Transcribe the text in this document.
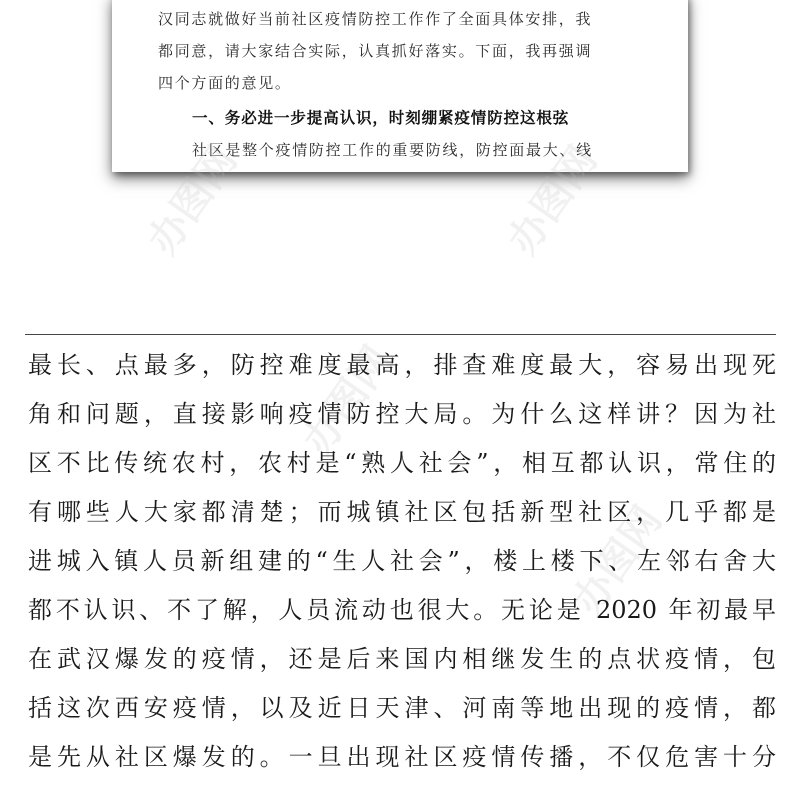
汉同志就做好当前社区疫情防控工作作了全面具体安排，我
都同意，请大家结合实际，认真抓好落实。下面，我再强调
四个方面的意见。
一、务必进一步提高认识，时刻绷紧疫情防控这根弦
社区是整个疫情防控工作的重要防线，防控面最大、线
办图网	办图网
办图网
办图网
最长、点最多，防控难度最高，排查难度最大，容易出现死
角和问题，直接影响疫情防控大局。为什么这样讲？因为社
区不比传统农村，农村是“熟人社会”，相互都认识，常住的
有哪些人大家都清楚；而城镇社区包括新型社区，几乎都是
进城入镇人员新组建的“生人社会”，楼上楼下、左邻右舍大
都不认识、不了解，人员流动也很大。无论是 2020 年初最早
在武汉爆发的疫情，还是后来国内相继发生的点状疫情，包
括这次西安疫情，以及近日天津、河南等地出现的疫情，都
是先从社区爆发的。一旦出现社区疫情传播，不仅危害十分
